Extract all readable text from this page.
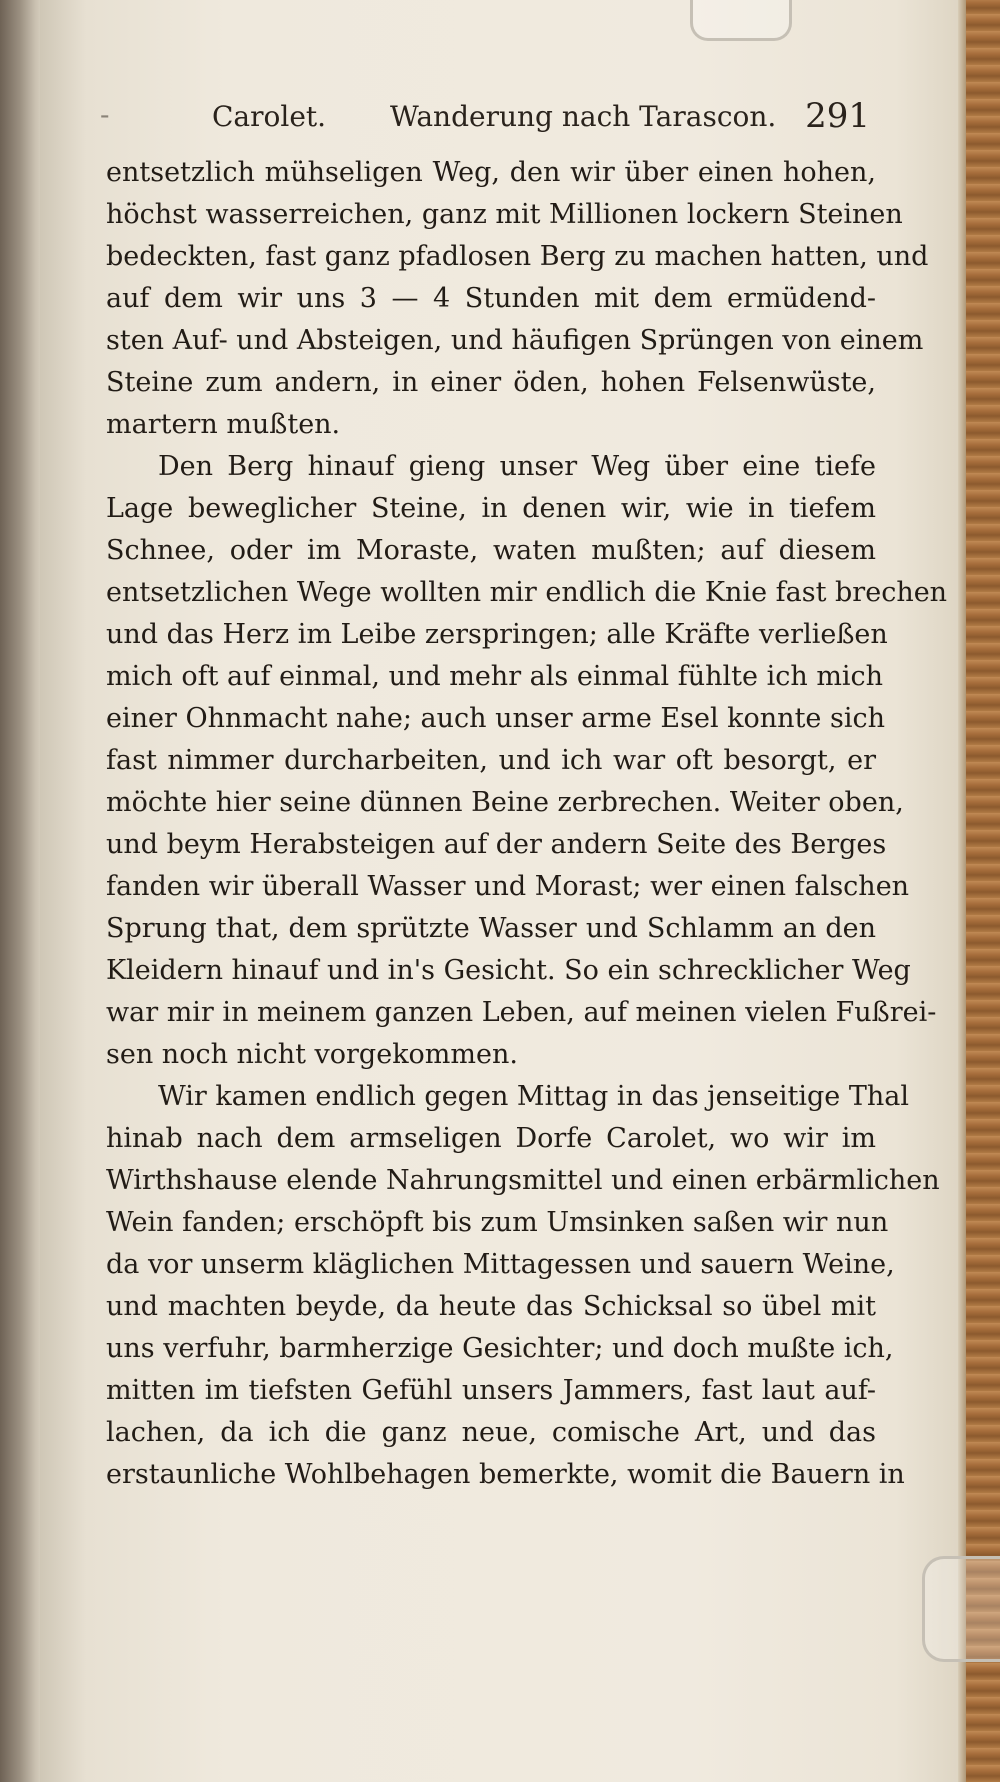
-	Carolet. Wanderung nach Tarascon. 291
entsetzlich mühseligen Weg, den wir über einen hohen,
höchst wasserreichen, ganz mit Millionen lockern Steinen
bedeckten, fast ganz pfadlosen Berg zu machen hatten, und
auf dem wir uns 3 — 4 Stunden mit dem ermüdend-
sten Auf- und Absteigen, und häufigen Sprüngen von einem
Steine zum andern, in einer öden, hohen Felsenwüste,
martern mußten.
Den Berg hinauf gieng unser Weg über eine tiefe
Lage beweglicher Steine, in denen wir, wie in tiefem
Schnee, oder im Moraste, waten mußten; auf diesem
entsetzlichen Wege wollten mir endlich die Knie fast brechen
und das Herz im Leibe zerspringen; alle Kräfte verließen
mich oft auf einmal, und mehr als einmal fühlte ich mich
einer Ohnmacht nahe; auch unser arme Esel konnte sich
fast nimmer durcharbeiten, und ich war oft besorgt, er
möchte hier seine dünnen Beine zerbrechen. Weiter oben,
und beym Herabsteigen auf der andern Seite des Berges
fanden wir überall Wasser und Morast; wer einen falschen
Sprung that, dem sprützte Wasser und Schlamm an den
Kleidern hinauf und in's Gesicht. So ein schrecklicher Weg
war mir in meinem ganzen Leben, auf meinen vielen Fußrei-
sen noch nicht vorgekommen.
Wir kamen endlich gegen Mittag in das jenseitige Thal
hinab nach dem armseligen Dorfe Carolet, wo wir im
Wirthshause elende Nahrungsmittel und einen erbärmlichen
Wein fanden; erschöpft bis zum Umsinken saßen wir nun
da vor unserm kläglichen Mittagessen und sauern Weine,
und machten beyde, da heute das Schicksal so übel mit
uns verfuhr, barmherzige Gesichter; und doch mußte ich,
mitten im tiefsten Gefühl unsers Jammers, fast laut auf-
lachen, da ich die ganz neue, comische Art, und das
erstaunliche Wohlbehagen bemerkte, womit die Bauern in
